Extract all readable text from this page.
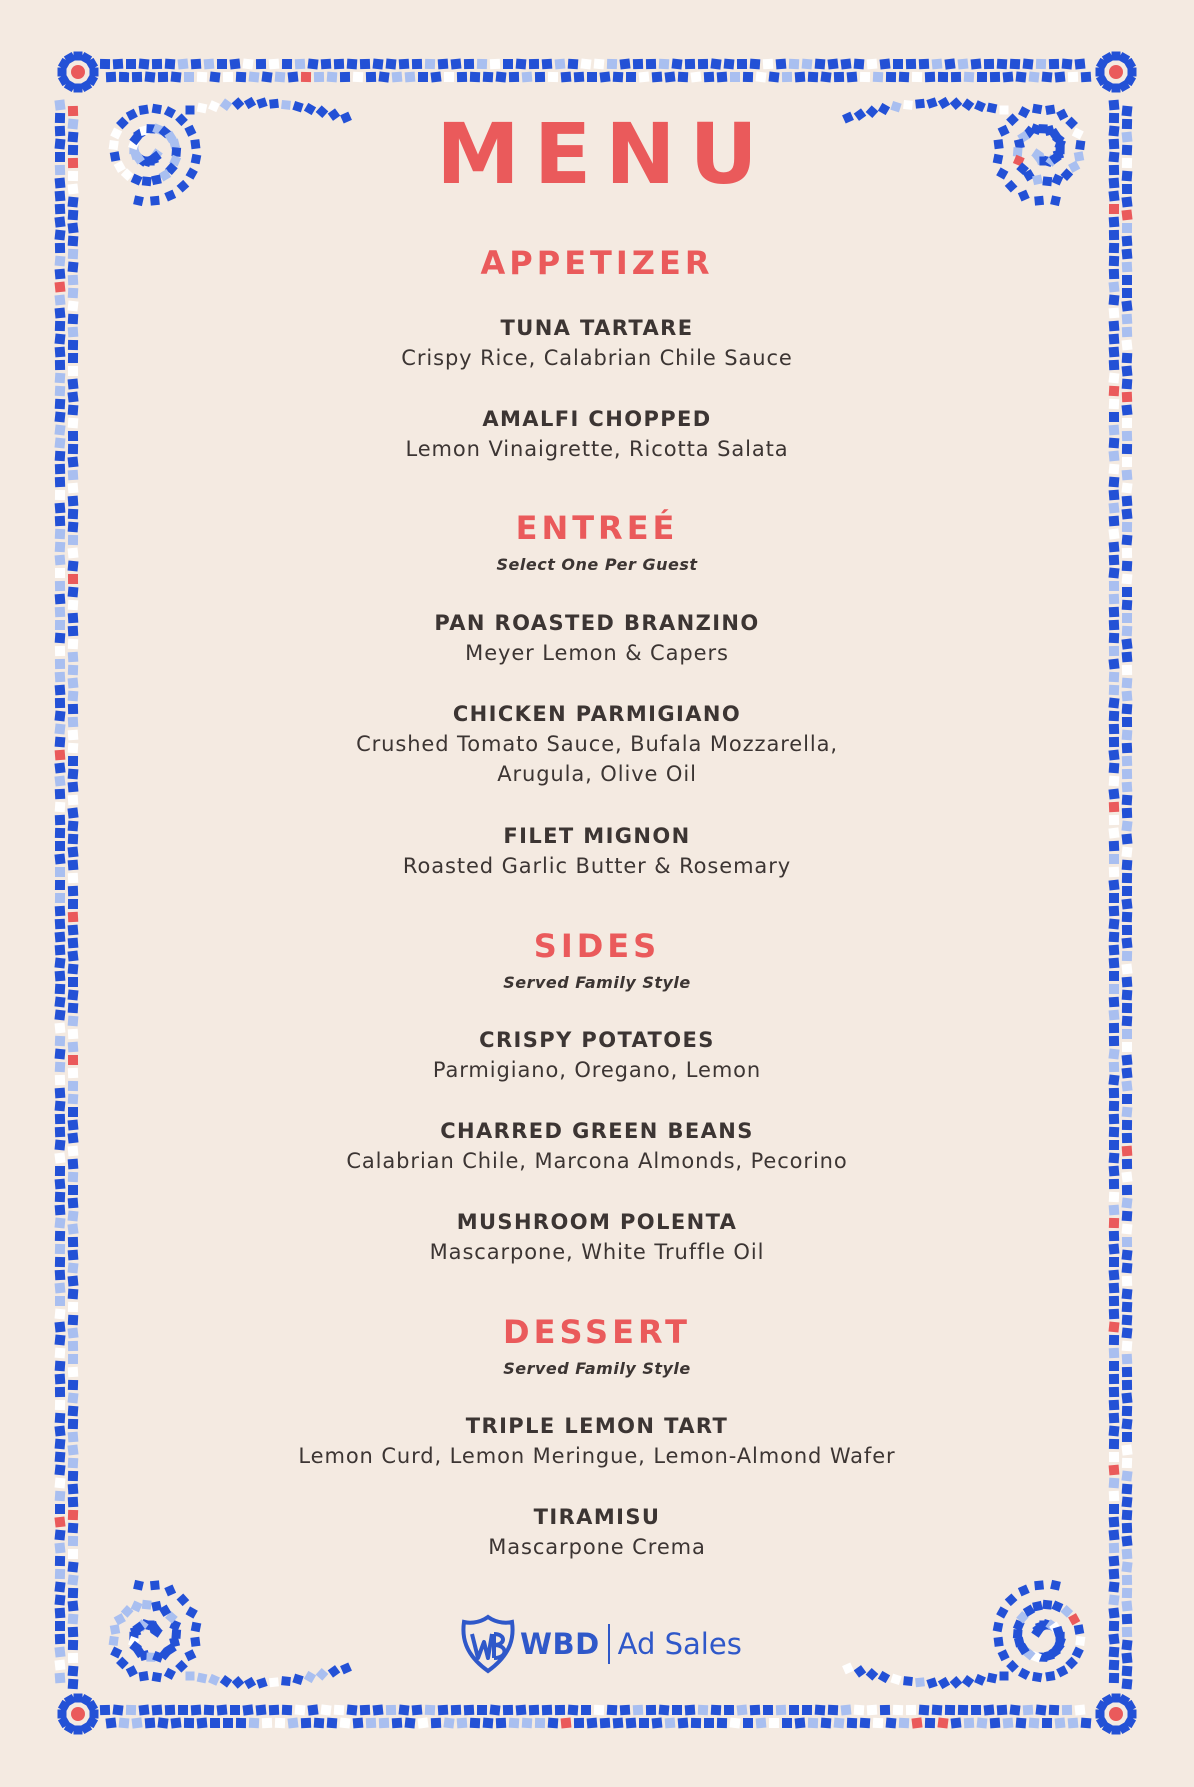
MENU
APPETIZER
TUNA TARTARE
Crispy Rice, Calabrian Chile Sauce
AMALFI CHOPPED
Lemon Vinaigrette, Ricotta Salata
ENTREÉ
Select One Per Guest
PAN ROASTED BRANZINO
Meyer Lemon & Capers
CHICKEN PARMIGIANO
Crushed Tomato Sauce, Bufala Mozzarella,
Arugula, Olive Oil
FILET MIGNON
Roasted Garlic Butter & Rosemary
SIDES
Served Family Style
CRISPY POTATOES
Parmigiano, Oregano, Lemon
CHARRED GREEN BEANS
Calabrian Chile, Marcona Almonds, Pecorino
MUSHROOM POLENTA
Mascarpone, White Truffle Oil
DESSERT
Served Family Style
TRIPLE LEMON TART
Lemon Curd, Lemon Meringue, Lemon-Almond Wafer
TIRAMISU
Mascarpone Crema
WBD Ad Sales
